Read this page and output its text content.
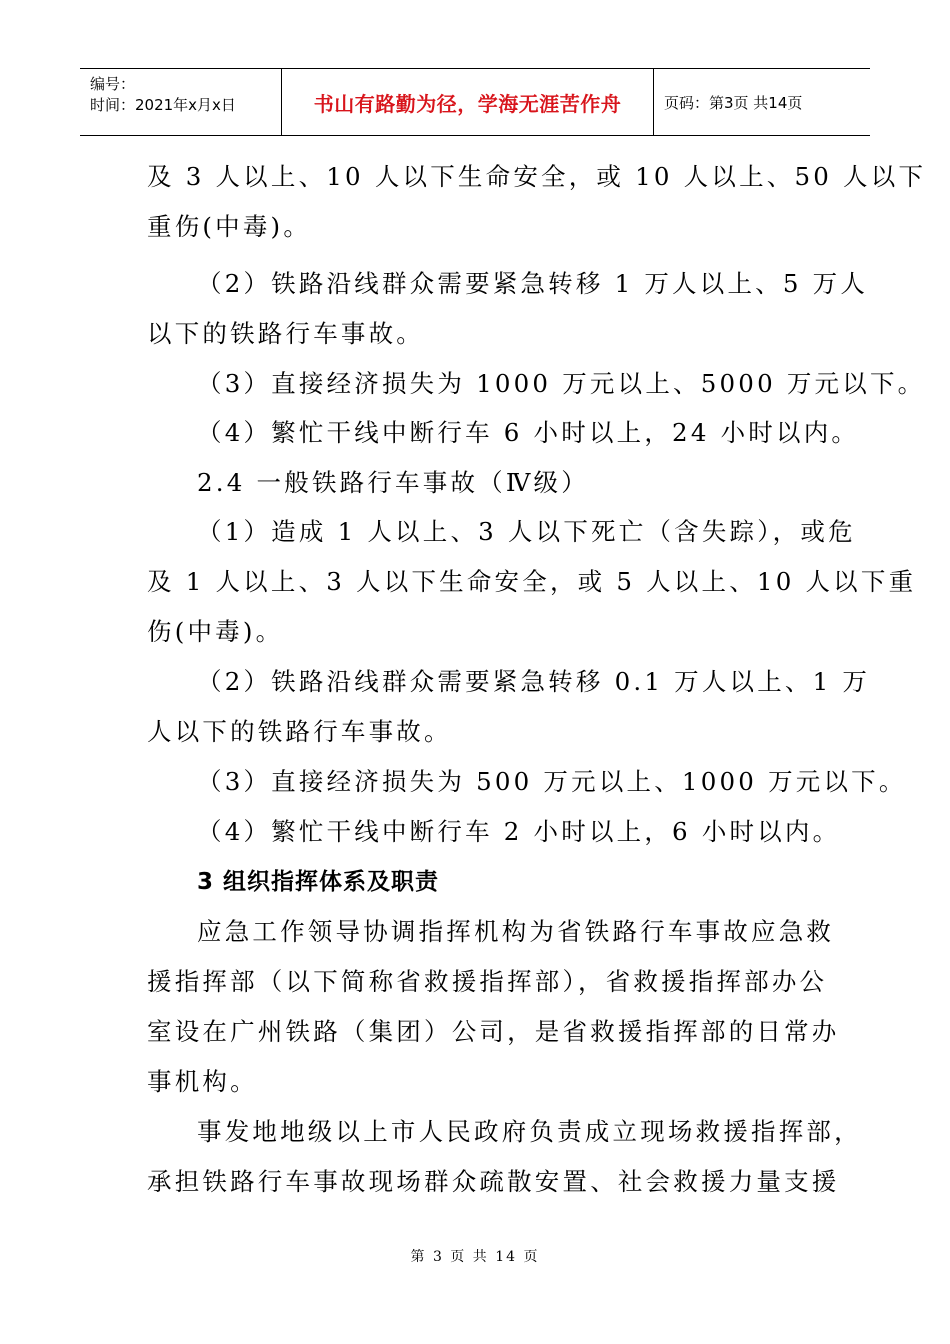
编号：
时间：2021年x月x日	书山有路勤为径，学海无涯苦作舟	页码：第3页 共14页
及 3 人以上、10 人以下生命安全，或 10 人以上、50 人以下
重伤(中毒)。
（2）铁路沿线群众需要紧急转移 1 万人以上、5 万人
以下的铁路行车事故。
（3）直接经济损失为 1000 万元以上、5000 万元以下。
（4）繁忙干线中断行车 6 小时以上，24 小时以内。
2.4 一般铁路行车事故（Ⅳ级）
（1）造成 1 人以上、3 人以下死亡（含失踪），或危
及 1 人以上、3 人以下生命安全，或 5 人以上、10 人以下重
伤(中毒)。
（2）铁路沿线群众需要紧急转移 0.1 万人以上、1 万
人以下的铁路行车事故。
（3）直接经济损失为 500 万元以上、1000 万元以下。
（4）繁忙干线中断行车 2 小时以上，6 小时以内。
3 组织指挥体系及职责
应急工作领导协调指挥机构为省铁路行车事故应急救
援指挥部（以下简称省救援指挥部），省救援指挥部办公
室设在广州铁路（集团）公司，是省救援指挥部的日常办
事机构。
事发地地级以上市人民政府负责成立现场救援指挥部，
承担铁路行车事故现场群众疏散安置、社会救援力量支援
第 3 页 共 14 页
